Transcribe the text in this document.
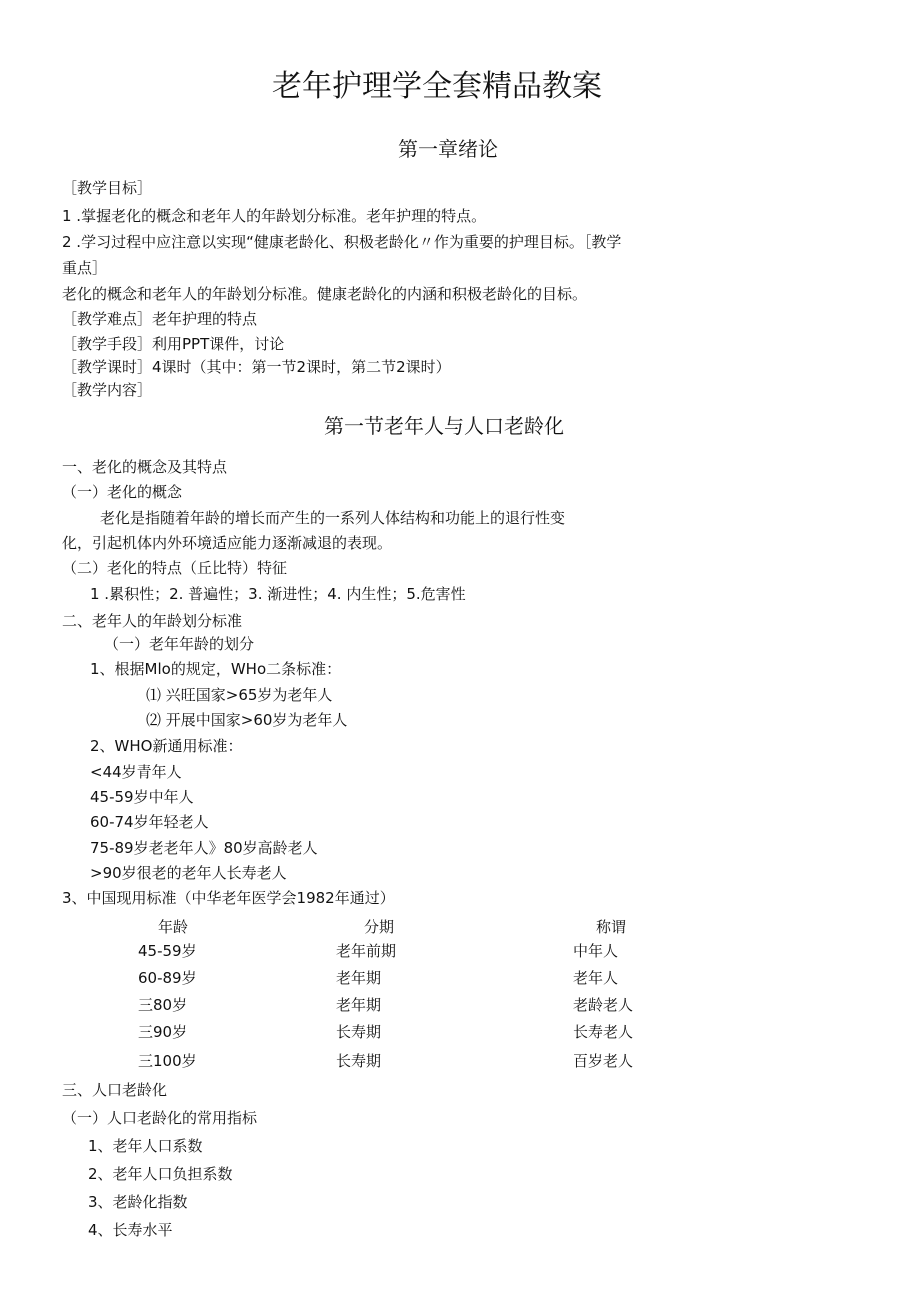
老年护理学全套精品教案
第一章绪论
［教学目标］
1 .掌握老化的概念和老年人的年龄划分标准。老年护理的特点。
2 .学习过程中应注意以实现“健康老龄化、积极老龄化〃作为重要的护理目标。［教学
重点］
老化的概念和老年人的年龄划分标准。健康老龄化的内涵和积极老龄化的目标。
［教学难点］老年护理的特点
［教学手段］利用PPT课件，讨论
［教学课时］4课时（其中：第一节2课时，第二节2课时）
［教学内容］
第一节老年人与人口老龄化
一、老化的概念及其特点
（一）老化的概念
老化是指随着年龄的增长而产生的一系列人体结构和功能上的退行性变
化，引起机体内外环境适应能力逐渐减退的表现。
（二）老化的特点（丘比特）特征
1 .累积性；2. 普遍性；3. 渐进性；4. 内生性；5.危害性
二、老年人的年龄划分标准
（一）老年年龄的划分
1、根据Mlo的规定，WHo二条标准：
⑴ 兴旺国家>65岁为老年人
⑵ 开展中国家>60岁为老年人
2、WHO新通用标准：
<44岁青年人
45-59岁中年人
60-74岁年轻老人
75-89岁老老年人》80岁高龄老人
>90岁很老的老年人长寿老人
3、中国现用标准（中华老年医学会1982年通过）
年龄	分期	称谓
45-59岁	老年前期	中年人
60-89岁	老年期	老年人
三80岁	老年期	老龄老人
三90岁	长寿期	长寿老人
三100岁	长寿期	百岁老人
三、人口老龄化
（一）人口老龄化的常用指标
1、老年人口系数
2、老年人口负担系数
3、老龄化指数
4、长寿水平
